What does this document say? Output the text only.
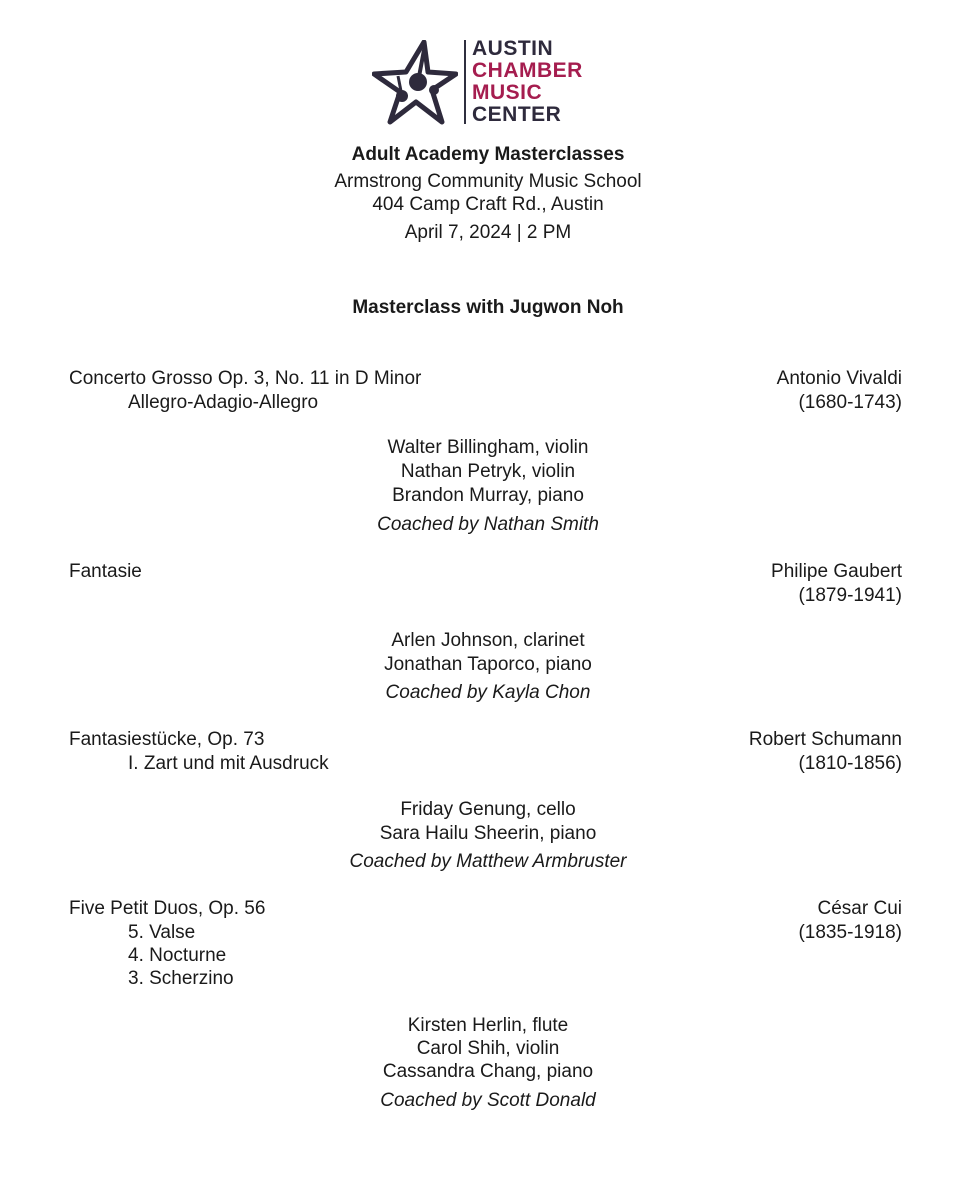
AUSTIN
CHAMBER
MUSIC
CENTER
Adult Academy Masterclasses
Armstrong Community Music School
404 Camp Craft Rd., Austin
April 7, 2024 | 2 PM
Masterclass with Jugwon Noh
Concerto Grosso Op. 3, No. 11 in D Minor
Allegro-Adagio-Allegro
Antonio Vivaldi
(1680-1743)
Walter Billingham, violin
Nathan Petryk, violin
Brandon Murray, piano
Coached by Nathan Smith
Fantasie	Philipe Gaubert
(1879-1941)
Arlen Johnson, clarinet
Jonathan Taporco, piano
Coached by Kayla Chon
Fantasiestücke, Op. 73
I. Zart und mit Ausdruck
Robert Schumann
(1810-1856)
Friday Genung, cello
Sara Hailu Sheerin, piano
Coached by Matthew Armbruster
Five Petit Duos, Op. 56
5. Valse
4. Nocturne
3. Scherzino
César Cui
(1835-1918)
Kirsten Herlin, flute
Carol Shih, violin
Cassandra Chang, piano
Coached by Scott Donald
